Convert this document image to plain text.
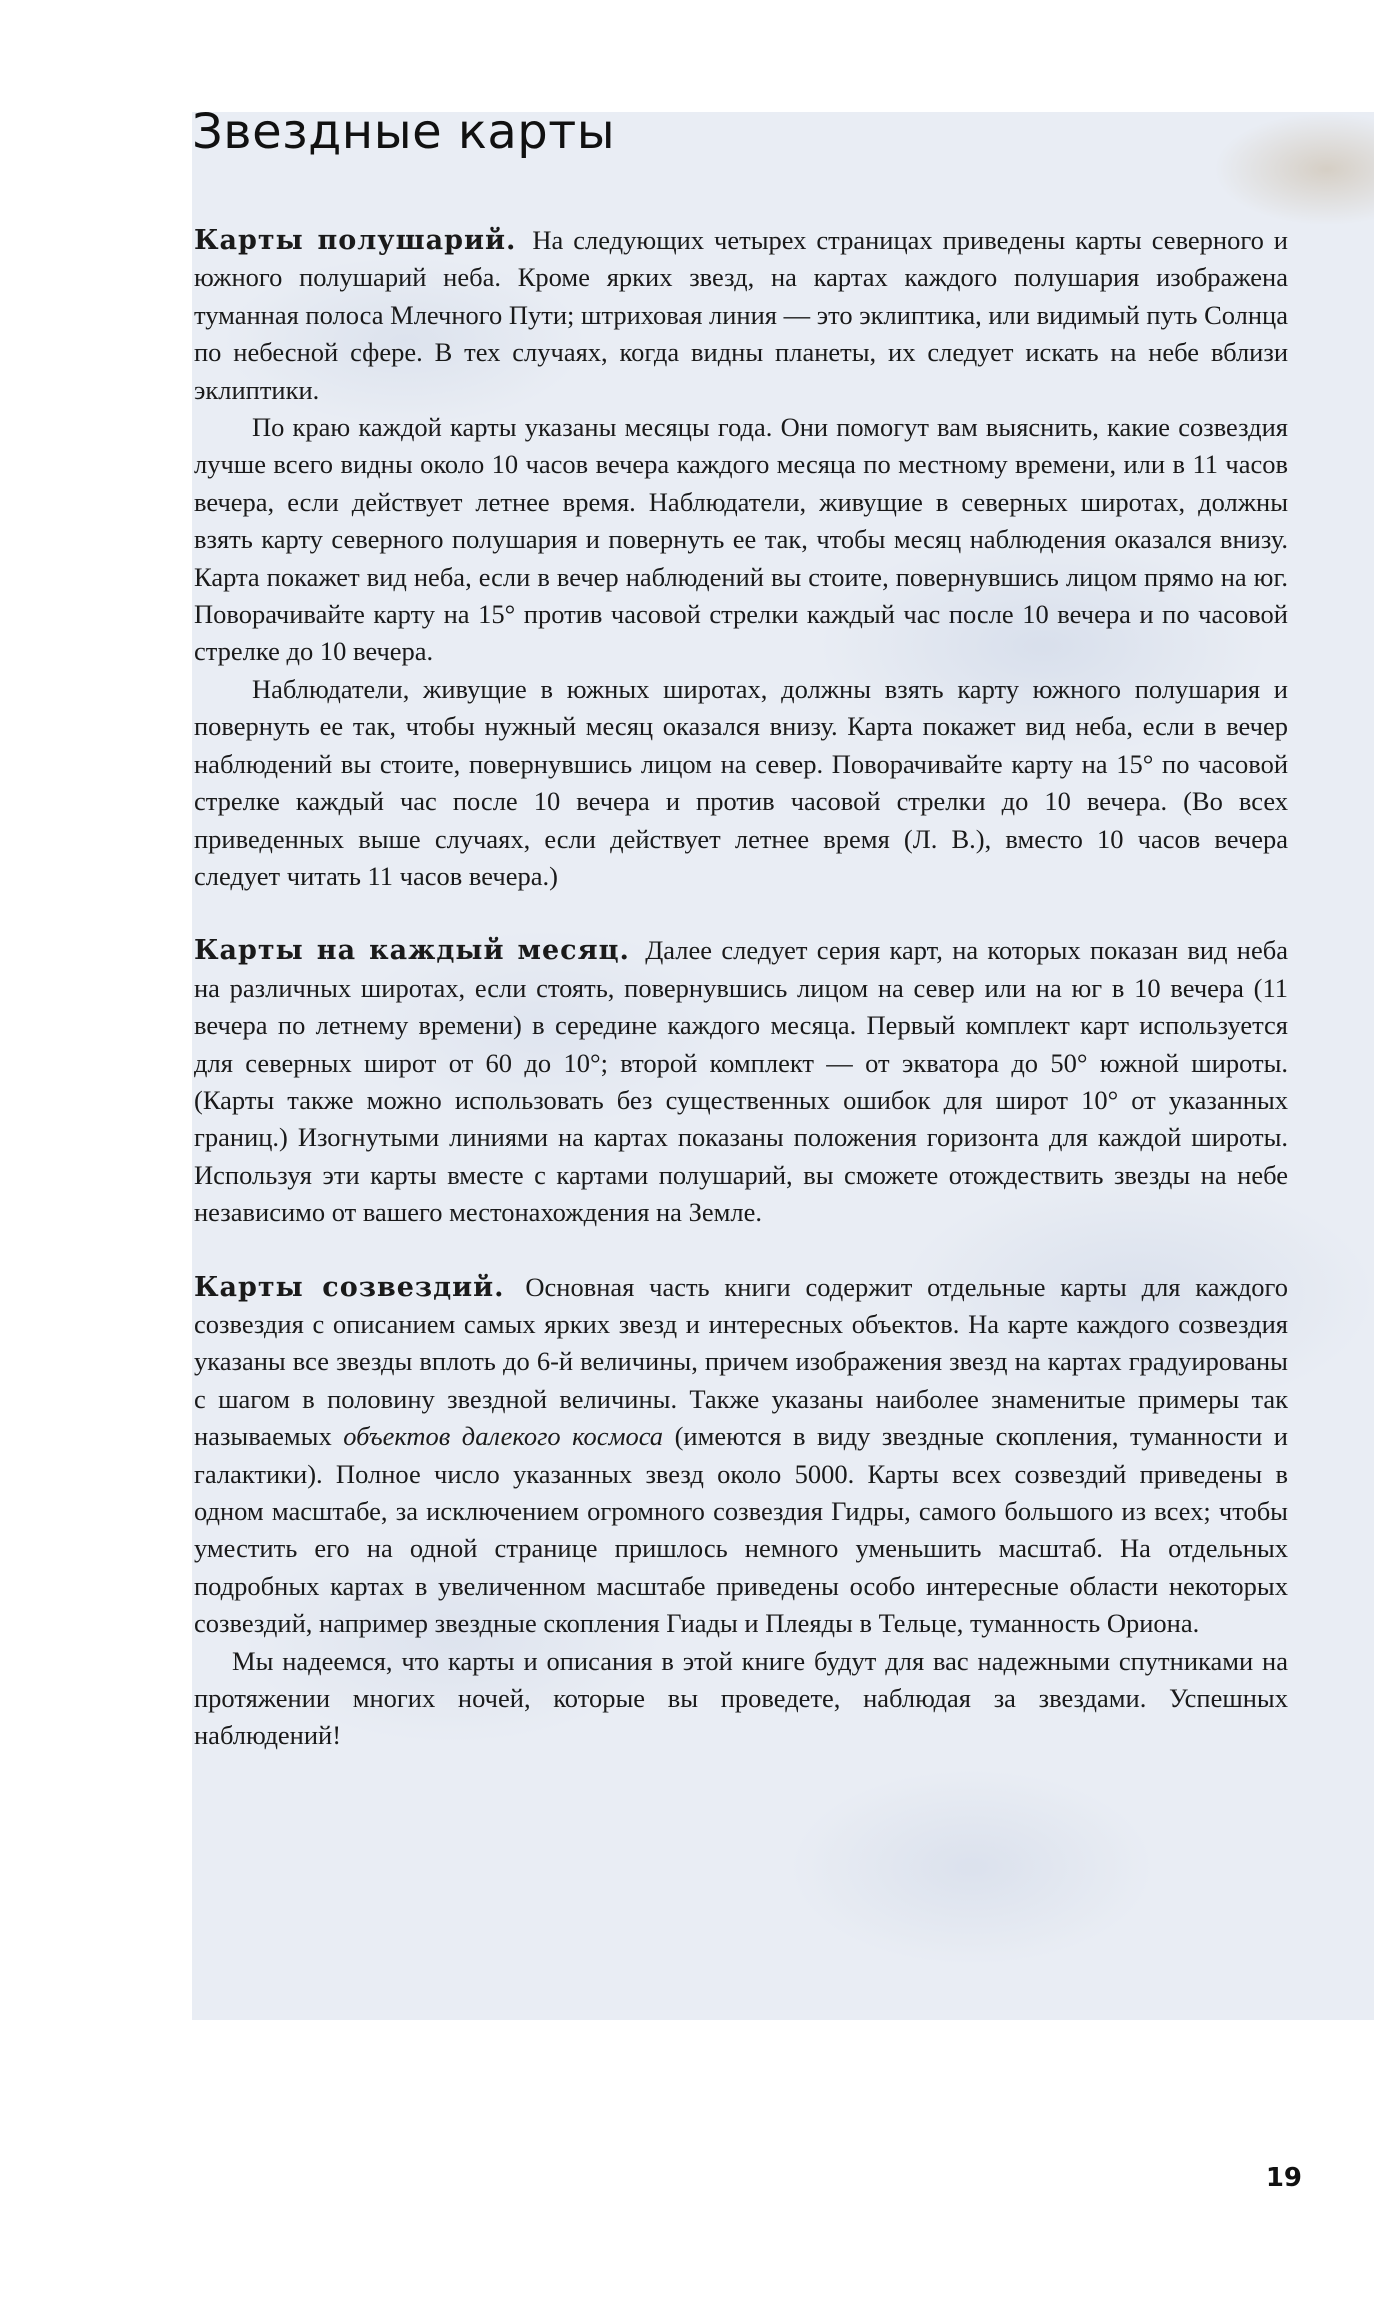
Звездные карты

Карты полушарий. На следующих четырех страницах приведены карты северного и южного полушарий неба. Кроме ярких звезд, на картах каждого полушария изображена туманная полоса Млечного Пути; штриховая линия — это эклиптика, или видимый путь Солнца по небесной сфере. В тех случаях, когда видны планеты, их следует искать на небе вблизи эклиптики.

По краю каждой карты указаны месяцы года. Они помогут вам выяснить, какие созвездия лучше всего видны около 10 часов вечера каждого месяца по местному времени, или в 11 часов вечера, если действует летнее время. Наблюдатели, живущие в северных широтах, должны взять карту северного полушария и повернуть ее так, чтобы месяц наблюдения оказался внизу. Карта покажет вид неба, если в вечер наблюдений вы стоите, повернувшись лицом прямо на юг. Поворачивайте карту на 15° против часовой стрелки каждый час после 10 вечера и по часовой стрелке до 10 вечера.

Наблюдатели, живущие в южных широтах, должны взять карту южного полушария и повернуть ее так, чтобы нужный месяц оказался внизу. Карта покажет вид неба, если в вечер наблюдений вы стоите, повернувшись лицом на север. Поворачивайте карту на 15° по часовой стрелке каждый час после 10 вечера и против часовой стрелки до 10 вечера. (Во всех приведенных выше случаях, если действует летнее время (Л. В.), вместо 10 часов вечера следует читать 11 часов вечера.)

Карты на каждый месяц. Далее следует серия карт, на которых показан вид неба на различных широтах, если стоять, повернувшись лицом на север или на юг в 10 вечера (11 вечера по летнему времени) в середине каждого месяца. Первый комплект карт используется для северных широт от 60 до 10°; второй комплект — от экватора до 50° южной широты. (Карты также можно использовать без существенных ошибок для широт 10° от указанных границ.) Изогнутыми линиями на картах показаны положения горизонта для каждой широты. Используя эти карты вместе с картами полушарий, вы сможете отождествить звезды на небе независимо от вашего местонахождения на Земле.

Карты созвездий. Основная часть книги содержит отдельные карты для каждого созвездия с описанием самых ярких звезд и интересных объектов. На карте каждого созвездия указаны все звезды вплоть до 6-й величины, причем изображения звезд на картах градуированы с шагом в половину звездной величины. Также указаны наиболее знаменитые примеры так называемых объектов далекого космоса (имеются в виду звездные скопления, туманности и галактики). Полное число указанных звезд около 5000. Карты всех созвездий приведены в одном масштабе, за исключением огромного созвездия Гидры, самого большого из всех; чтобы уместить его на одной странице пришлось немного уменьшить масштаб. На отдельных подробных картах в увеличенном масштабе приведены особо интересные области некоторых созвездий, например звездные скопления Гиады и Плеяды в Тельце, туманность Ориона.

Мы надеемся, что карты и описания в этой книге будут для вас надежными спутниками на протяжении многих ночей, которые вы проведете, наблюдая за звездами. Успешных наблюдений!

19
